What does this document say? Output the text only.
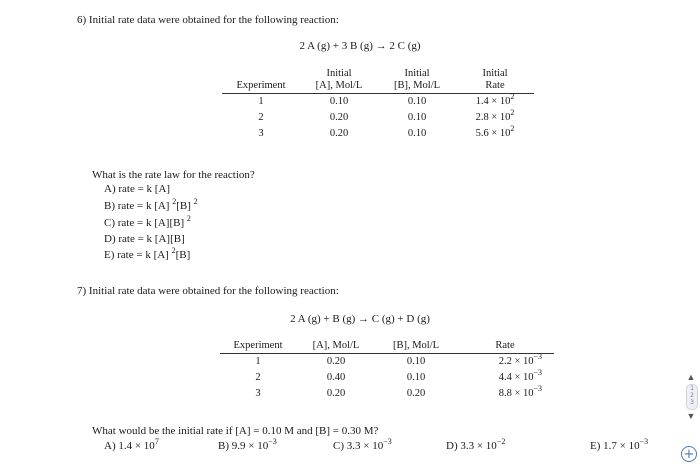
6) Initial rate data were obtained for the following reaction:
2 A (g) + 3 B (g) → 2 C (g)
	Initial	Initial	Initial
Experiment	[A], Mol/L	[B], Mol/L	Rate
1	0.10	0.10	$1.4 \times 10^2$
2	0.20	0.10	$2.8 \times 10^2$
3	0.20	0.10	$5.6 \times 10^2$
What is the rate law for the reaction?
A) rate = k [A]
B) rate = k [A] $^2$[B] $^2$
C) rate = k [A][B] $^2$
D) rate = k [A][B]
E) rate = k [A] $^2$[B]
7) Initial rate data were obtained for the following reaction:
2 A (g) + B (g) → C (g) + D (g)
Experiment	[A], Mol/L	[B], Mol/L	Rate
1	0.20	0.10	$2.2 \times 10^{-3}$
2	0.40	0.10	$4.4 \times 10^{-3}$
3	0.20	0.20	$8.8 \times 10^{-3}$
What would be the initial rate if [A] = 0.10 M and [B] = 0.30 M?
A) $1.4 \times 10^7$	B) $9.9 \times 10^{-3}$	C) $3.3 \times 10^{-3}$	D) $3.3 \times 10^{-2}$	E) $1.7 \times 10^{-3}$
▲
1
2
3
▼
+
